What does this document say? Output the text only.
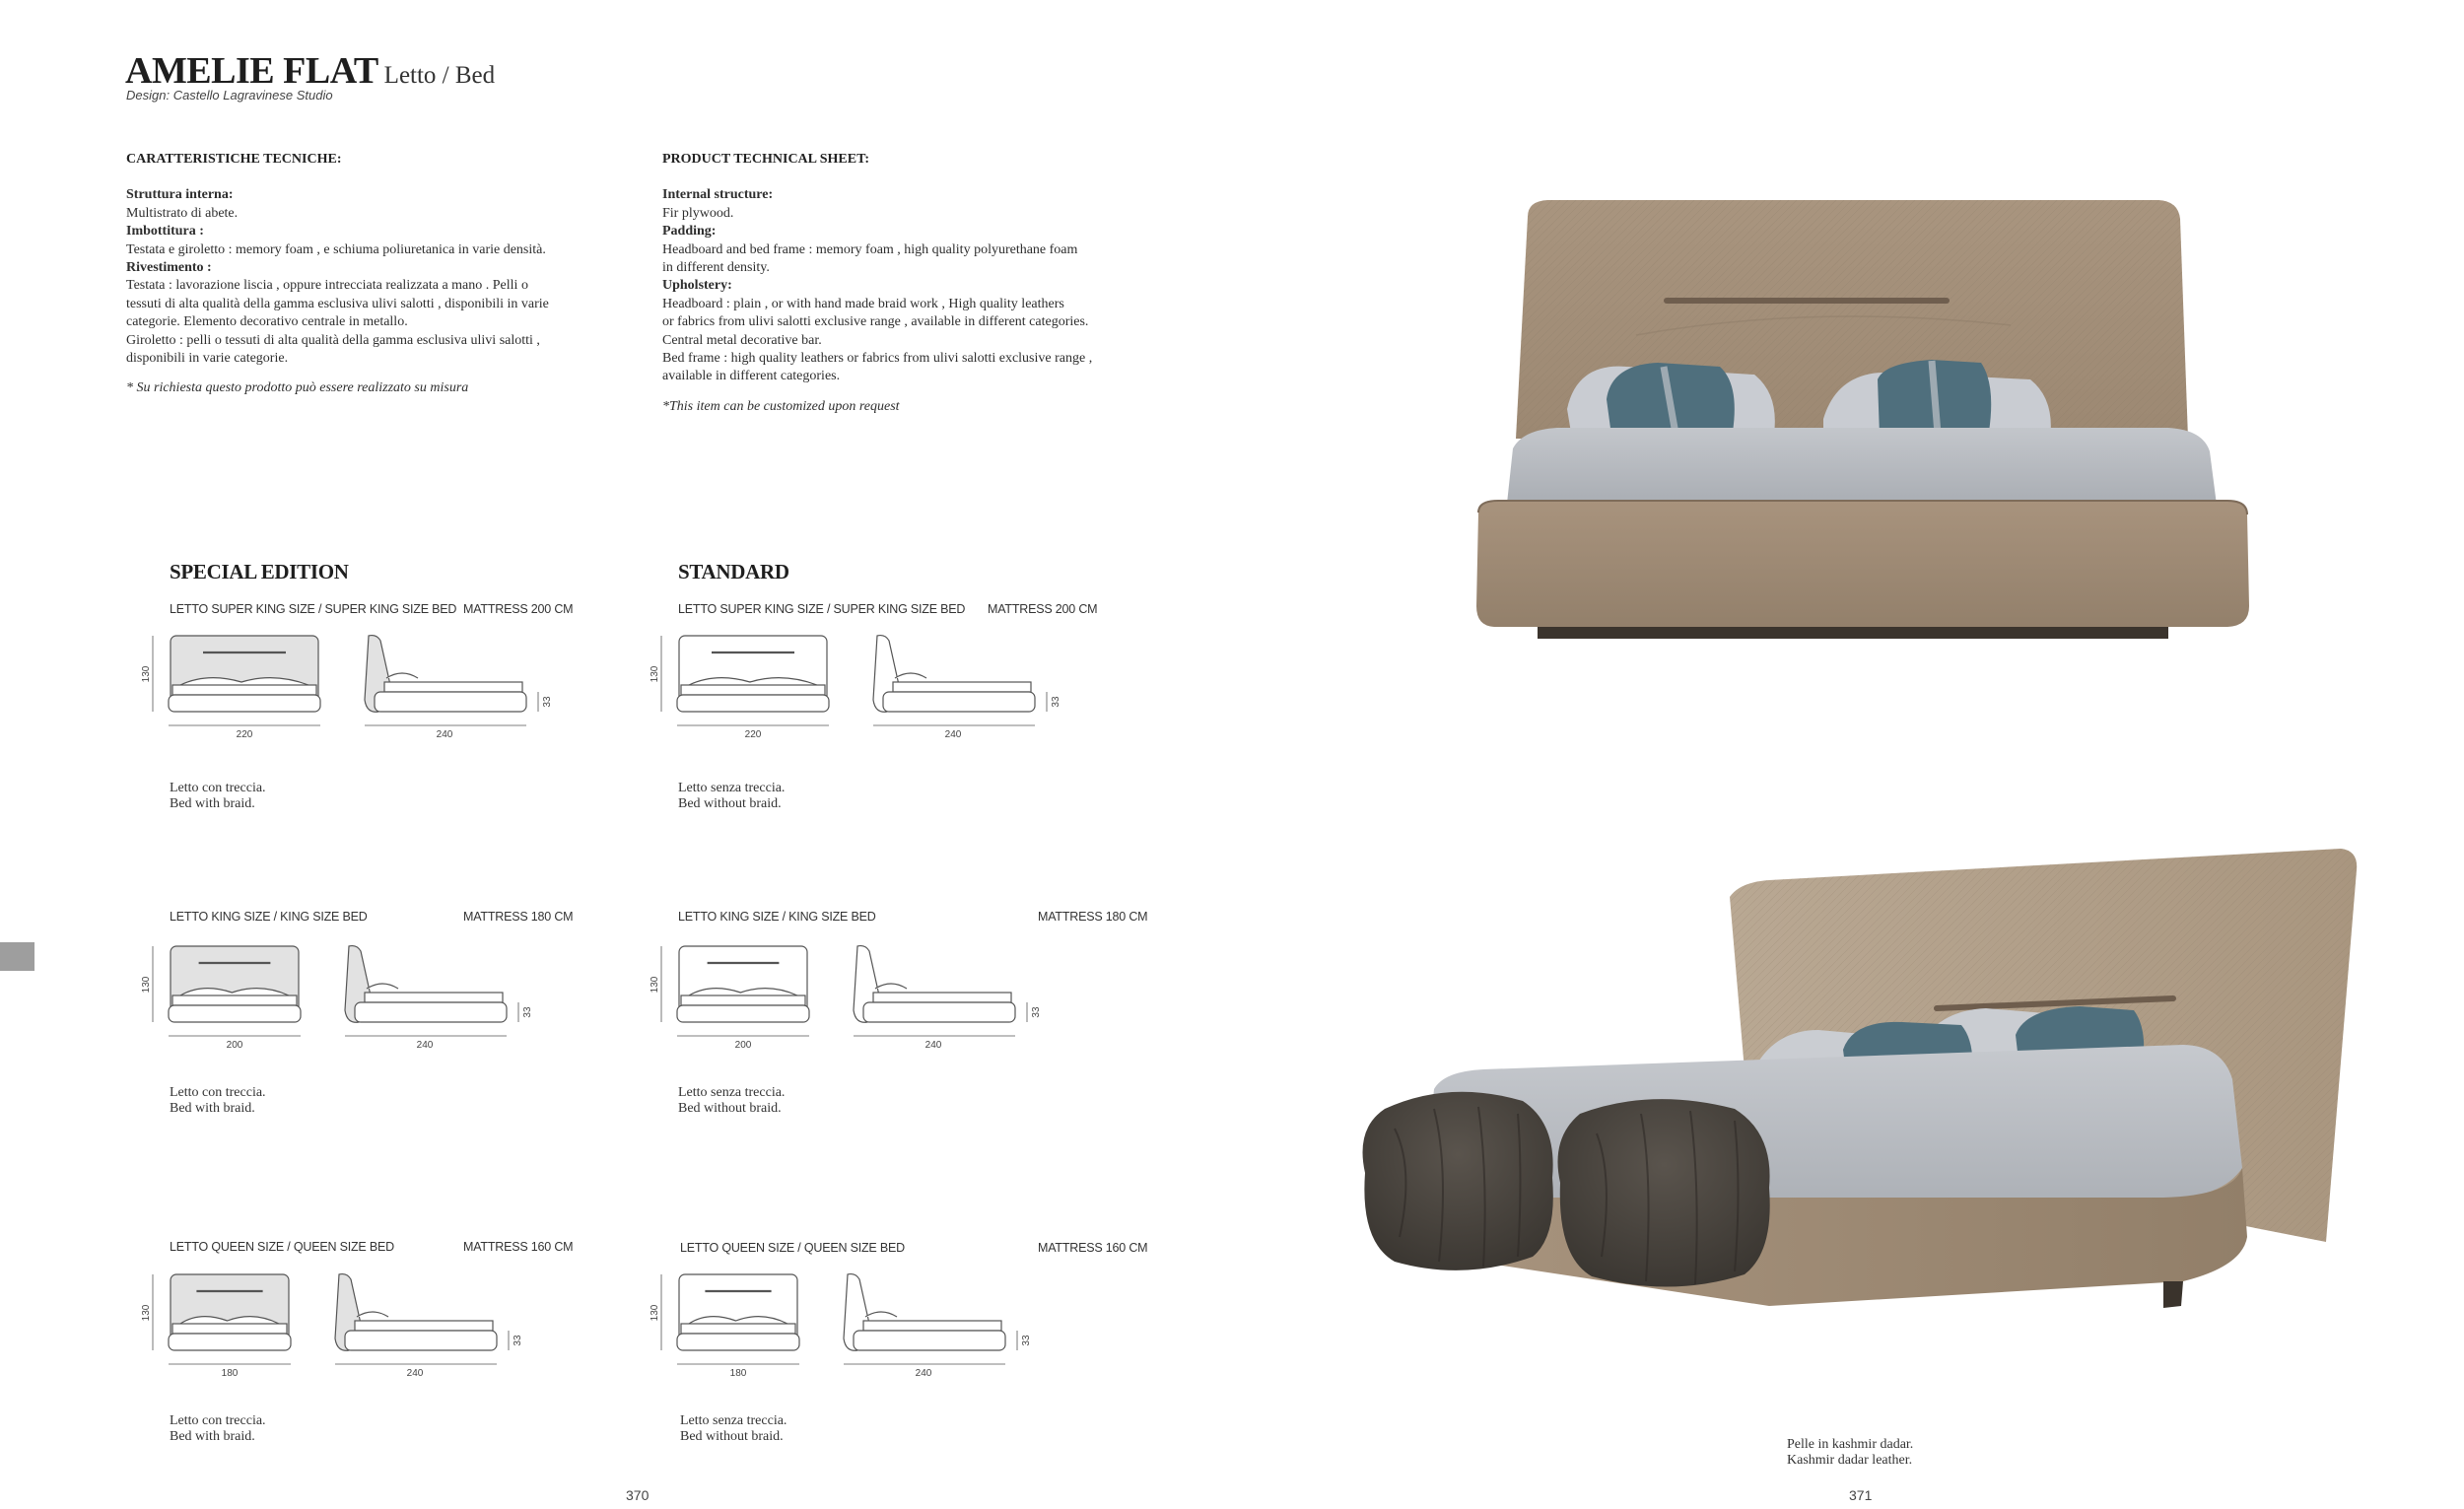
AMELIE FLAT Letto / Bed
Design: Castello Lagravinese Studio
CARATTERISTICHE TECNICHE:
Struttura interna:
Multistrato di abete.
Imbottitura :
Testata e giroletto : memory foam , e schiuma poliuretanica in varie densità.
Rivestimento :
Testata : lavorazione liscia , oppure intrecciata realizzata a mano . Pelli o
tessuti di alta qualità della gamma esclusiva ulivi salotti , disponibili in varie
categorie. Elemento decorativo centrale in metallo.
Giroletto : pelli o tessuti di alta qualità della gamma esclusiva ulivi salotti ,
disponibili in varie categorie.
* Su richiesta questo prodotto può essere realizzato su misura
PRODUCT TECHNICAL SHEET:
Internal structure:
Fir plywood.
Padding:
Headboard and bed frame : memory foam , high quality polyurethane foam
in different density.
Upholstery:
Headboard : plain , or with hand made braid work , High quality leathers
or fabrics from ulivi salotti exclusive range , available in different categories.
Central metal decorative bar.
Bed frame : high quality leathers or fabrics from ulivi salotti exclusive range ,
available in different categories.
*This item can be customized upon request
SPECIAL EDITION	STANDARD
LETTO SUPER KING SIZE / SUPER KING SIZE BED MATTRESS 200 CM
130
220	240
33
Letto con treccia.
Bed with braid.
LETTO KING SIZE / KING SIZE BED	MATTRESS 180 CM
130
200	240
33
Letto con treccia.
Bed with braid.
LETTO QUEEN SIZE / QUEEN SIZE BED	MATTRESS 160 CM
130
180	240
33
Letto con treccia.
Bed with braid.
LETTO SUPER KING SIZE / SUPER KING SIZE BED MATTRESS 200 CM
130
220	240
33
Letto senza treccia.
Bed without braid.
LETTO KING SIZE / KING SIZE BED	MATTRESS 180 CM
130
200	240
33
Letto senza treccia.
Bed without braid.
LETTO QUEEN SIZE / QUEEN SIZE BED	MATTRESS 160 CM
130
180	240
33
Letto senza treccia.
Bed without braid.
Pelle in kashmir dadar.
Kashmir dadar leather.
370	371
